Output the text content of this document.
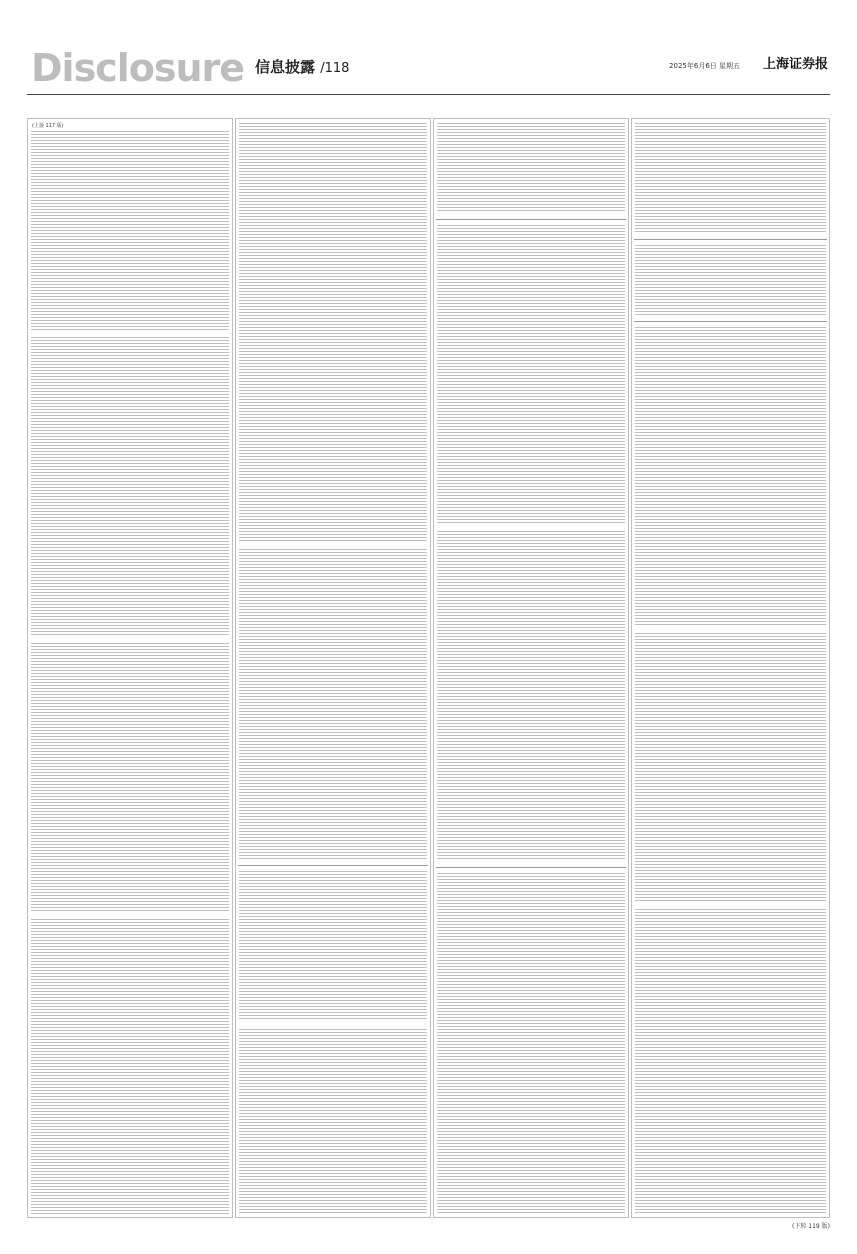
Disclosure 信息披露 /118	2025年6月6日 星期五 上海证券报
(上接 117 版)
(下转 119 版)
